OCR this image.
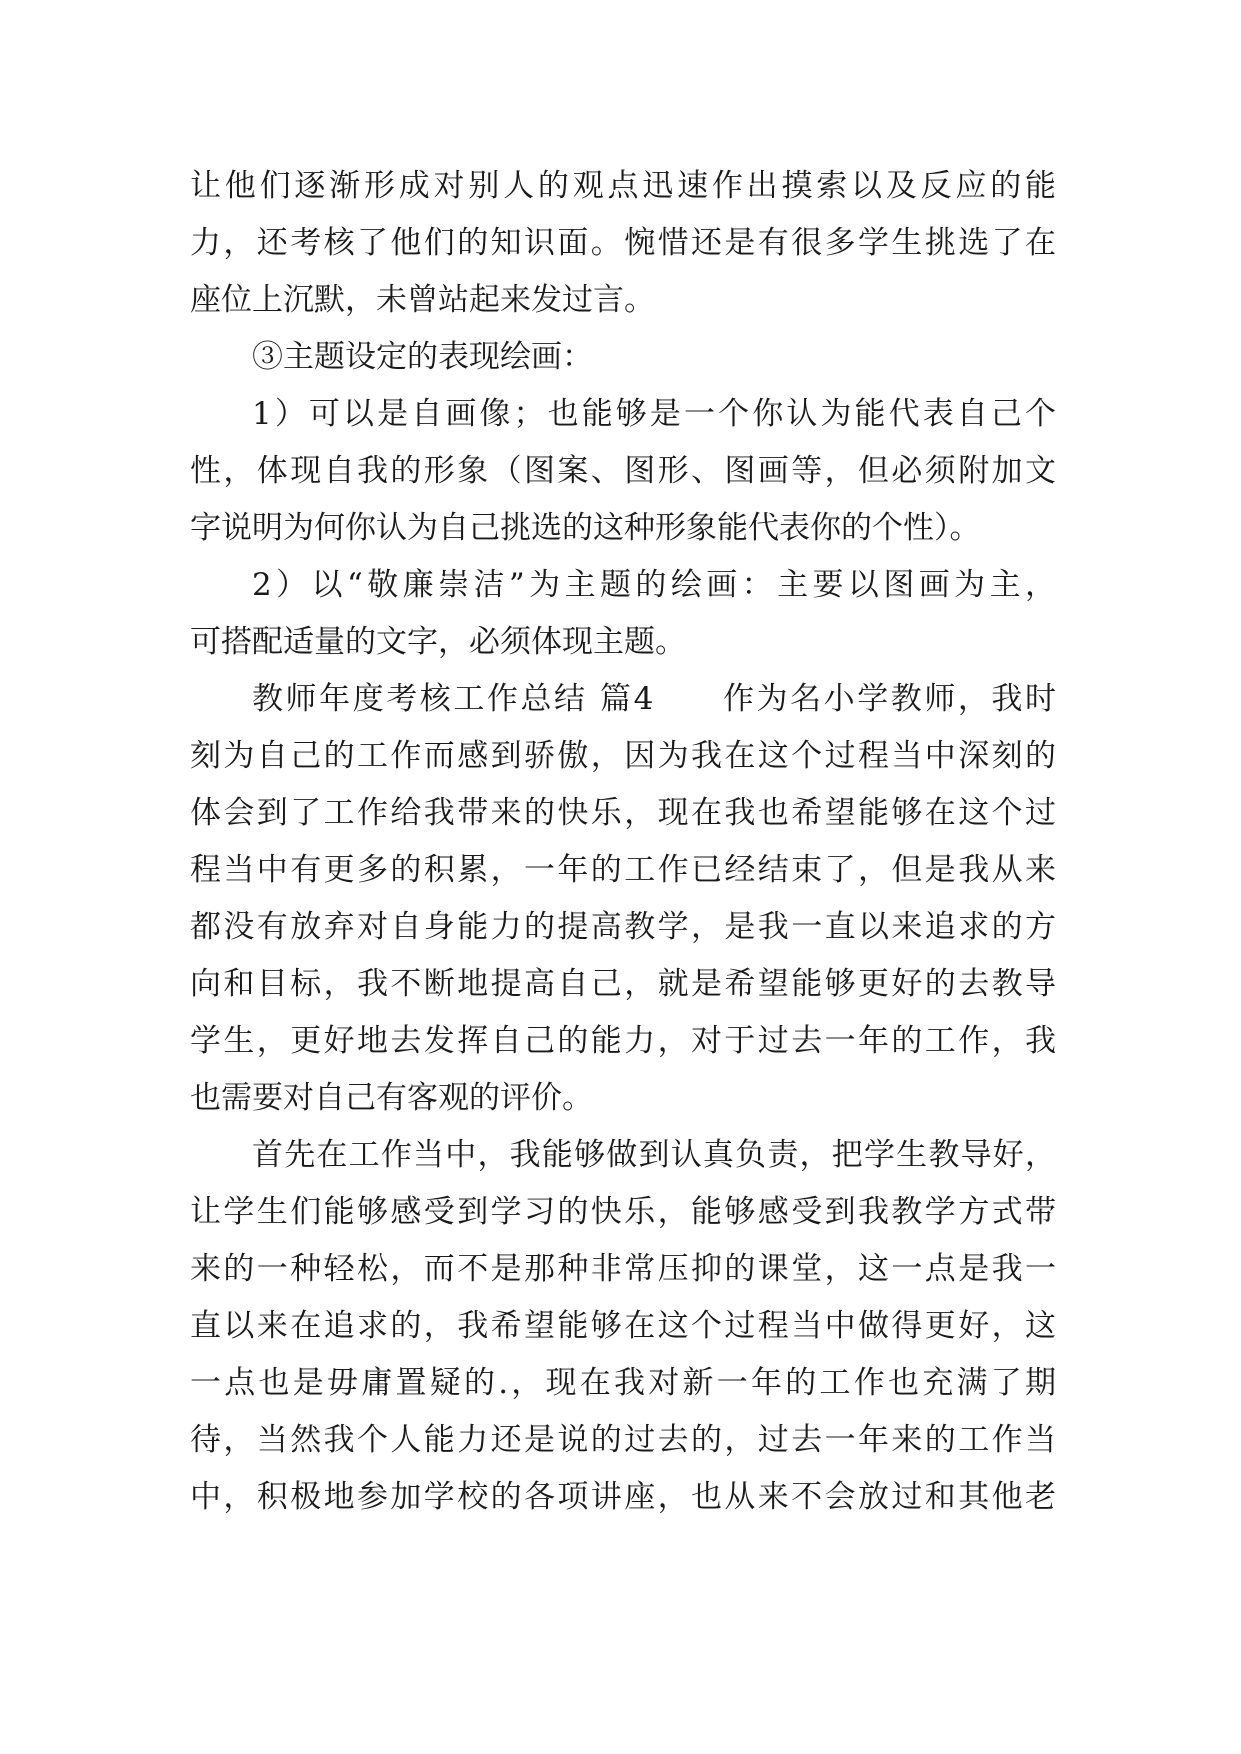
让他们逐渐形成对别人的观点迅速作出摸索以及反应的能
力，还考核了他们的知识面。惋惜还是有很多学生挑选了在
座位上沉默，未曾站起来发过言。
③主题设定的表现绘画：
1）可以是自画像；也能够是一个你认为能代表自己个
性，体现自我的形象（图案、图形、图画等，但必须附加文
字说明为何你认为自己挑选的这种形象能代表你的个性）。
2）以“敬廉崇洁”为主题的绘画：主要以图画为主，
可搭配适量的文字，必须体现主题。
教师年度考核工作总结 篇4　　作为名小学教师，我时
刻为自己的工作而感到骄傲，因为我在这个过程当中深刻的
体会到了工作给我带来的快乐，现在我也希望能够在这个过
程当中有更多的积累，一年的工作已经结束了，但是我从来
都没有放弃对自身能力的提高教学，是我一直以来追求的方
向和目标，我不断地提高自己，就是希望能够更好的去教导
学生，更好地去发挥自己的能力，对于过去一年的工作，我
也需要对自己有客观的评价。
首先在工作当中，我能够做到认真负责，把学生教导好，
让学生们能够感受到学习的快乐，能够感受到我教学方式带
来的一种轻松，而不是那种非常压抑的课堂，这一点是我一
直以来在追求的，我希望能够在这个过程当中做得更好，这
一点也是毋庸置疑的.，现在我对新一年的工作也充满了期
待，当然我个人能力还是说的过去的，过去一年来的工作当
中，积极地参加学校的各项讲座，也从来不会放过和其他老
